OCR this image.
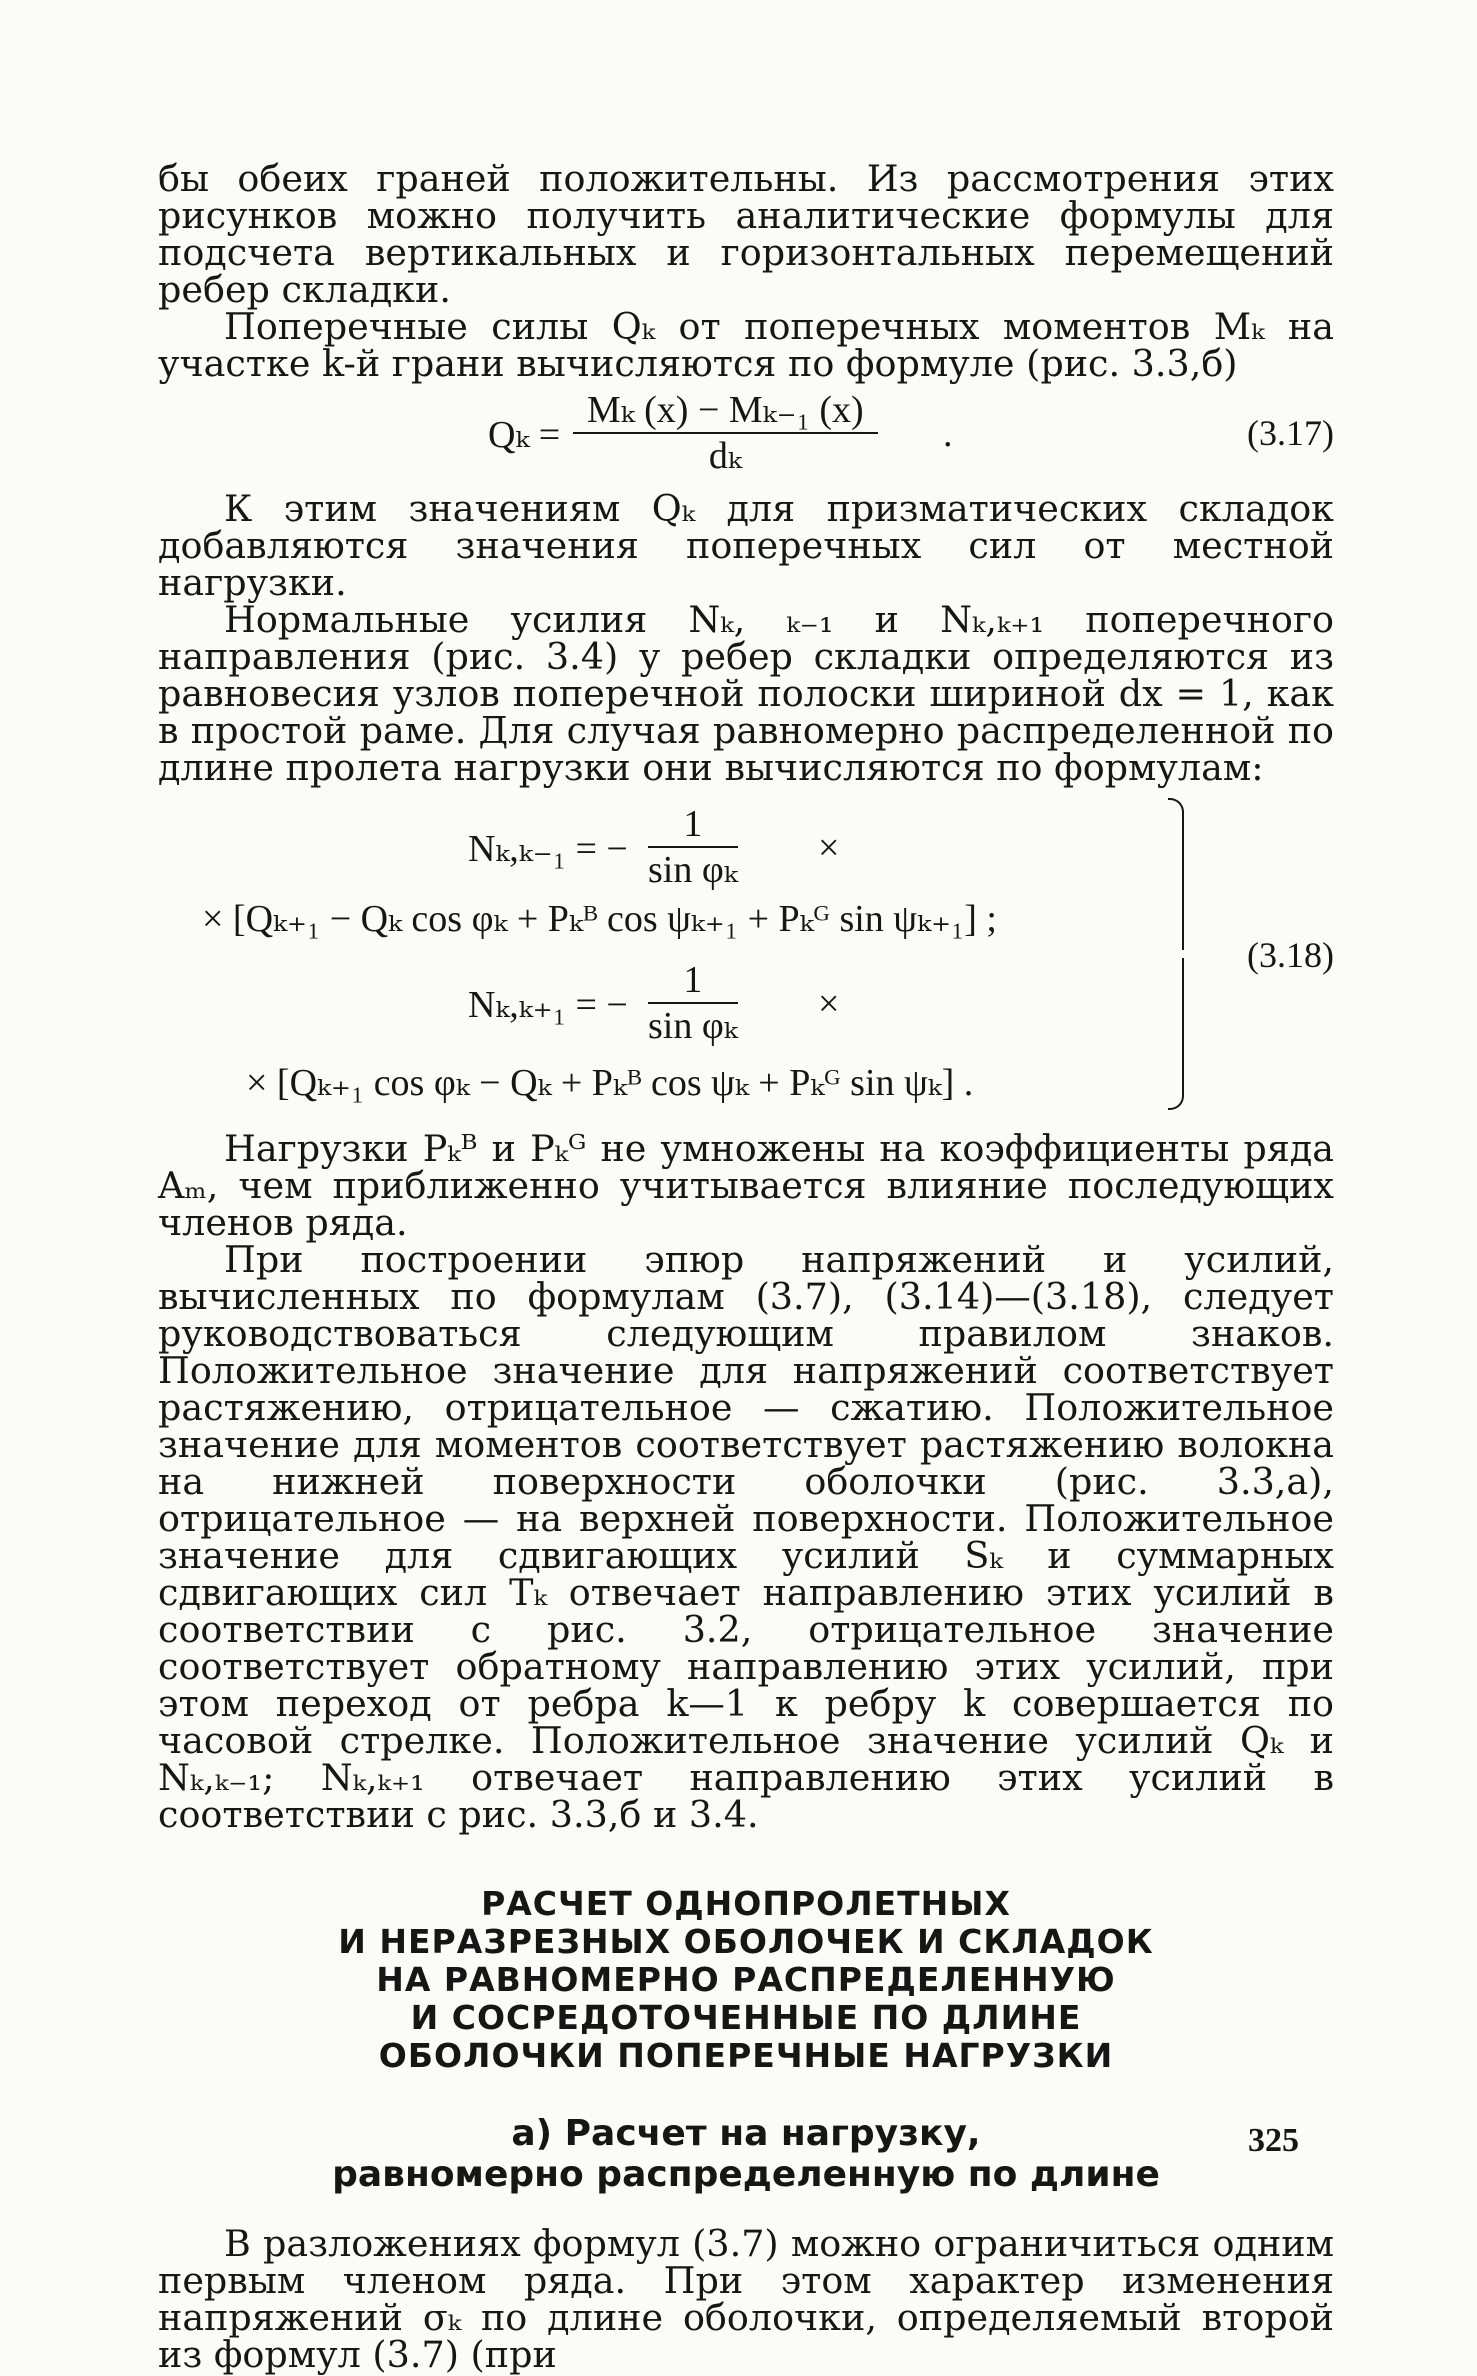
бы обеих граней положительны. Из рассмотрения этих рисунков можно получить аналитические формулы для подсчета вертикальных и горизонтальных перемещений ребер складки.

Поперечные силы Qₖ от поперечных моментов Mₖ на участке k-й грани вычисляются по формуле (рис. 3.3,б)

$Q_k = \frac{\text{Mₖ (x) − Mₖ₋₁ (x)}}{\text{dₖ}}$ .	(3.17)

К этим значениям Qₖ для призматических складок добавляются значения поперечных сил от местной нагрузки.

Нормальные усилия Nₖ, ₖ₋₁ и Nₖ,ₖ₊₁ поперечного направления (рис. 3.4) у ребер складки определяются из равновесия узлов поперечной полоски шириной dx = 1, как в простой раме. Для случая равномерно распределенной по длине пролета нагрузки они вычисляются по формулам:

Nₖ,ₖ₋₁ = − $\frac{1}{\text{sin φₖ}}$ ×
× [Qₖ₊₁ − Qₖ cos φₖ + Pₖᴮ cos ψₖ₊₁ + Pₖᴳ sin ψₖ₊₁] ;
Nₖ,ₖ₊₁ = − $\frac{1}{\text{sin φₖ}}$ ×
× [Qₖ₊₁ cos φₖ − Qₖ + Pₖᴮ cos ψₖ + Pₖᴳ sin ψₖ] .
(3.18)

Нагрузки Pₖᴮ и Pₖᴳ не умножены на коэффициенты ряда Aₘ, чем приближенно учитывается влияние последующих членов ряда.

При построении эпюр напряжений и усилий, вычисленных по формулам (3.7), (3.14)—(3.18), следует руководствоваться следующим правилом знаков. Положительное значение для напряжений соответствует растяжению, отрицательное — сжатию. Положительное значение для моментов соответствует растяжению волокна на нижней поверхности оболочки (рис. 3.3,а), отрицательное — на верхней поверхности. Положительное значение для сдвигающих усилий Sₖ и суммарных сдвигающих сил Tₖ отвечает направлению этих усилий в соответствии с рис. 3.2, отрицательное значение соответствует обратному направлению этих усилий, при этом переход от ребра k—1 к ребру k совершается по часовой стрелке. Положительное значение усилий Qₖ и Nₖ,ₖ₋₁; Nₖ,ₖ₊₁ отвечает направлению этих усилий в соответствии с рис. 3.3,б и 3.4.

РАСЧЕТ ОДНОПРОЛЕТНЫХ
И НЕРАЗРЕЗНЫХ ОБОЛОЧЕК И СКЛАДОК
НА РАВНОМЕРНО РАСПРЕДЕЛЕННУЮ
И СОСРЕДОТОЧЕННЫЕ ПО ДЛИНЕ
ОБОЛОЧКИ ПОПЕРЕЧНЫЕ НАГРУЗКИ
а) Расчет на нагрузку,
равномерно распределенную по длине

В разложениях формул (3.7) можно ограничиться одним первым членом ряда. При этом характер изменения напряжений σₖ по длине оболочки, определяемый второй из формул (3.7) (при

325
